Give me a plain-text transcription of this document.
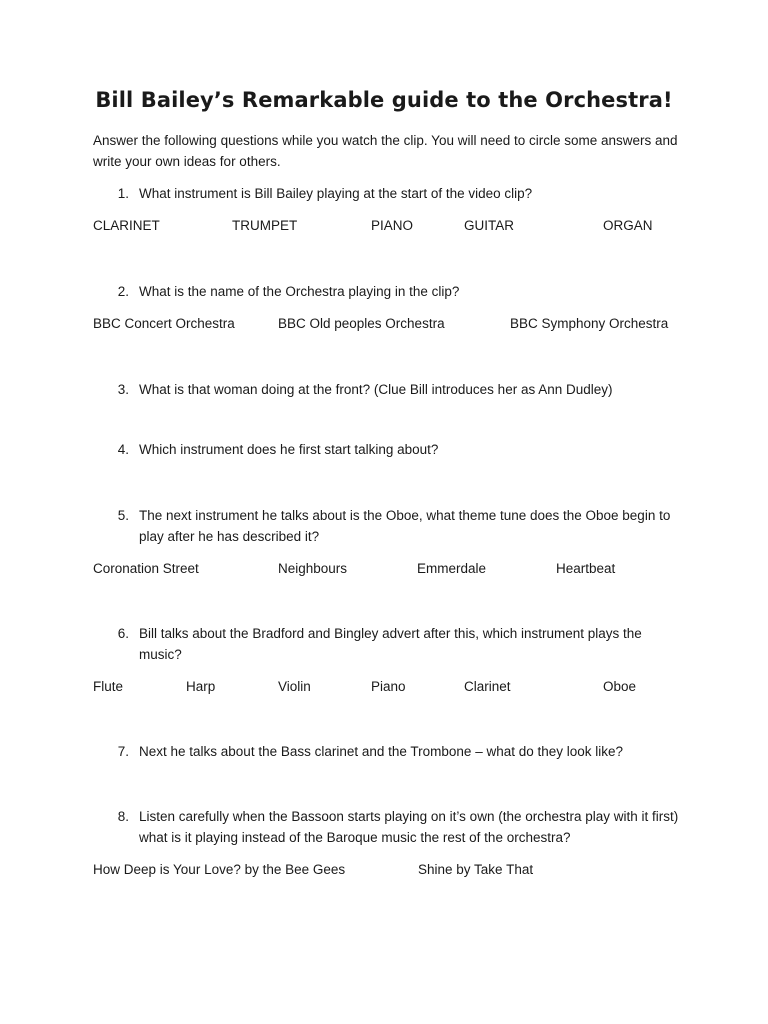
Bill Bailey’s Remarkable guide to the Orchestra!
Answer the following questions while you watch the clip. You will need to circle some answers and write your own ideas for others.
1. What instrument is Bill Bailey playing at the start of the video clip?
CLARINET	TRUMPET	PIANO	GUITAR	ORGAN
2. What is the name of the Orchestra playing in the clip?
BBC Concert Orchestra	BBC Old peoples Orchestra	BBC Symphony Orchestra
3. What is that woman doing at the front? (Clue Bill introduces her as Ann Dudley)
4. Which instrument does he first start talking about?
5. The next instrument he talks about is the Oboe, what theme tune does the Oboe begin to play after he has described it?
Coronation Street	Neighbours	Emmerdale	Heartbeat
6. Bill talks about the Bradford and Bingley advert after this, which instrument plays the music?
Flute	Harp	Violin	Piano	Clarinet	Oboe
7. Next he talks about the Bass clarinet and the Trombone – what do they look like?
8. Listen carefully when the Bassoon starts playing on it’s own (the orchestra play with it first) what is it playing instead of the Baroque music the rest of the orchestra?
How Deep is Your Love? by the Bee Gees	Shine by Take That
